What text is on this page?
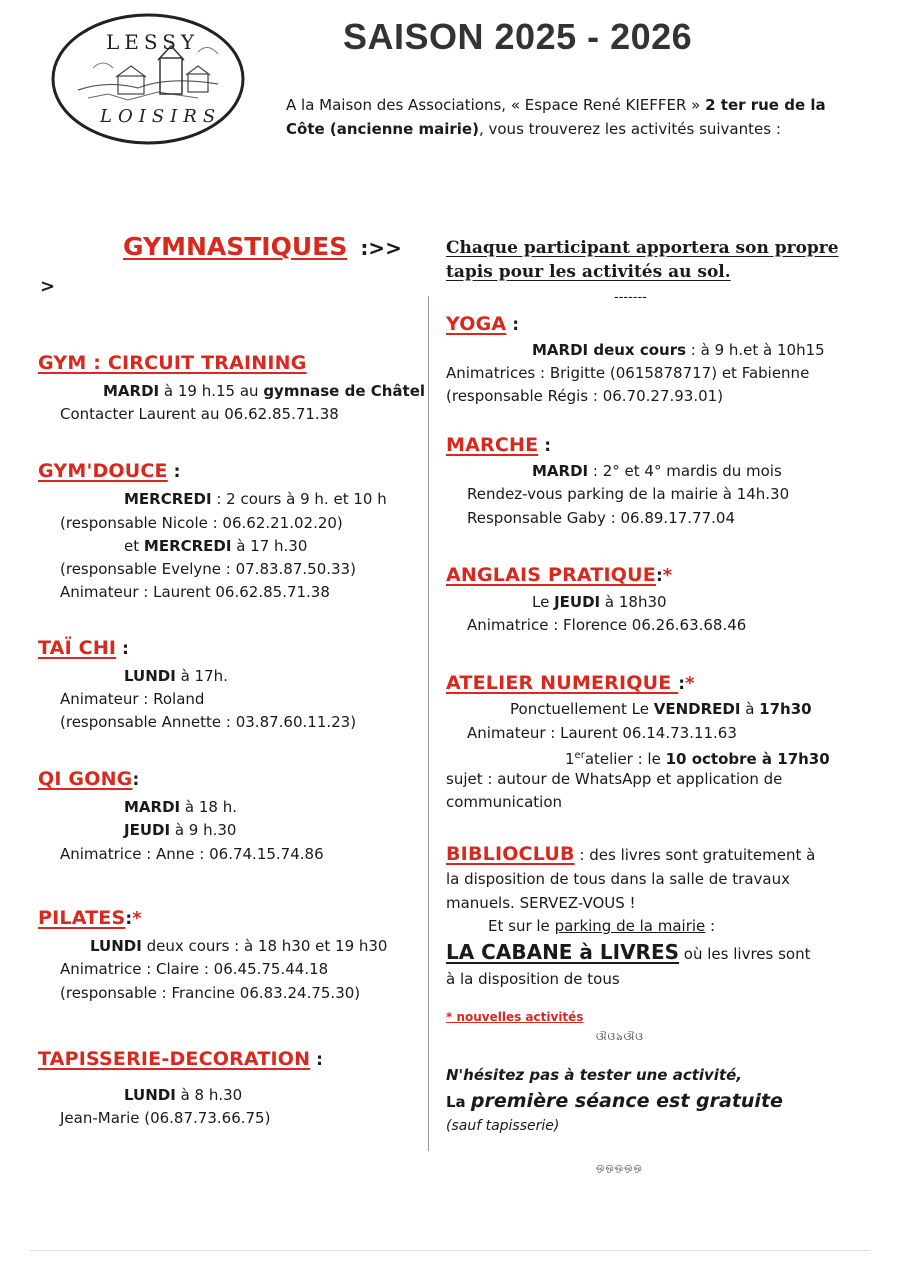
LESSY
LOISIRS
SAISON 2025 - 2026
A la Maison des Associations, « Espace René KIEFFER » 2 ter rue de la
Côte (ancienne mairie), vous trouverez les activités suivantes :
GYMNASTIQUES :>>
>
GYM : CIRCUIT TRAINING
MARDI à 19 h.15 au gymnase de Châtel
Contacter Laurent au 06.62.85.71.38
GYM'DOUCE :
MERCREDI : 2 cours à 9 h. et 10 h
(responsable Nicole : 06.62.21.02.20)
et MERCREDI à 17 h.30
(responsable Evelyne : 07.83.87.50.33)
Animateur : Laurent 06.62.85.71.38
TAÏ CHI :
LUNDI à 17h.
Animateur : Roland
(responsable Annette : 03.87.60.11.23)
QI GONG:
MARDI à 18 h.
JEUDI à 9 h.30
Animatrice : Anne : 06.74.15.74.86
PILATES:*
LUNDI deux cours : à 18 h30 et 19 h30
Animatrice : Claire : 06.45.75.44.18
(responsable : Francine 06.83.24.75.30)
TAPISSERIE-DECORATION :
LUNDI à 8 h.30
Jean-Marie (06.87.73.66.75)
Chaque participant apportera son propre
tapis pour les activités au sol.
-------
YOGA :
MARDI deux cours : à 9 h.et à 10h15
Animatrices : Brigitte (0615878717) et Fabienne
(responsable Régis : 06.70.27.93.01)
MARCHE :
MARDI : 2° et 4° mardis du mois
Rendez-vous parking de la mairie à 14h.30
Responsable Gaby : 06.89.17.77.04
ANGLAIS PRATIQUE:*
Le JEUDI à 18h30
Animatrice : Florence 06.26.63.68.46
ATELIER NUMERIQUE :*
Ponctuellement Le VENDREDI à 17h30
Animateur : Laurent 06.14.73.11.63
1eratelier : le 10 octobre à 17h30
sujet : autour de WhatsApp et application de
communication
BIBLIOCLUB : des livres sont gratuitement à
la disposition de tous dans la salle de travaux
manuels. SERVEZ-VOUS !
Et sur le parking de la mairie :
LA CABANE à LIVRES où les livres sont
à la disposition de tous
* nouvelles activités
ଔଓঌଔଓ
N'hésitez pas à tester une activité,
La première séance est gratuite
(sauf tapisserie)
ஒஒஒஒஒ
